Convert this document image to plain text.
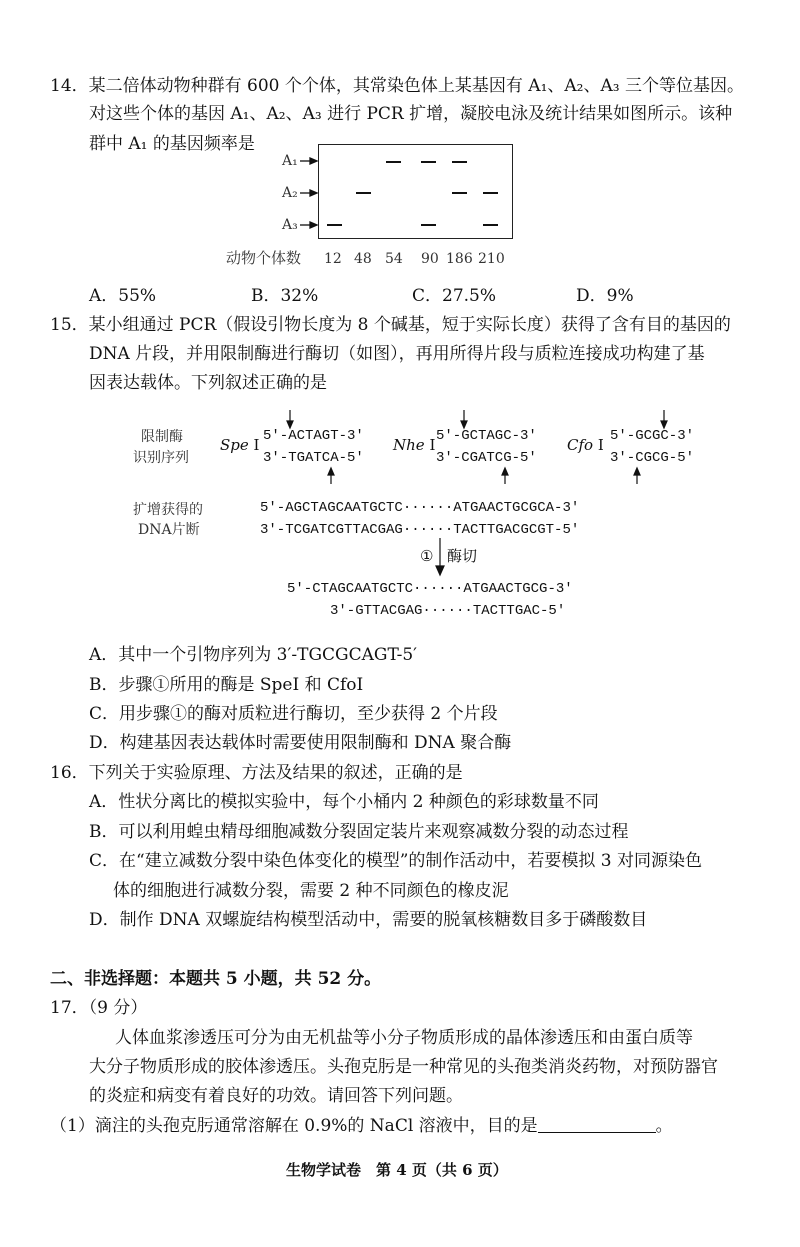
14．某二倍体动物种群有 600 个个体，其常染色体上某基因有 A₁、A₂、A₃ 三个等位基因。
对这些个体的基因 A₁、A₂、A₃ 进行 PCR 扩增，凝胶电泳及统计结果如图所示。该种
群中 A₁ 的基因频率是
A₁
A₂
A₃
动物个体数 12 48 54 90 186 210
A．55%	B．32%	C．27.5%	D．9%
15．某小组通过 PCR（假设引物长度为 8 个碱基，短于实际长度）获得了含有目的基因的
DNA 片段，并用限制酶进行酶切（如图），再用所得片段与质粒连接成功构建了基
因表达载体。下列叙述正确的是
限制酶
识别序列
Spe I 5′-ACTAGT-3′
3′-TGATCA-5′
Nhe I 5′-GCTAGC-3′
3′-CGATCG-5′
Cfo I 5′-GCGC-3′
3′-CGCG-5′
扩增获得的
DNA片断
5′-AGCTAGCAATGCTC······ATGAACTGCGCA-3′
3′-TCGATCGTTACGAG······TACTTGACGCGT-5′
① 酶切
5′-CTAGCAATGCTC······ATGAACTGCG-3′
3′-GTTACGAG······TACTTGAC-5′
A．其中一个引物序列为 3′-TGCGCAGT-5′
B．步骤①所用的酶是 SpeI 和 CfoI
C．用步骤①的酶对质粒进行酶切，至少获得 2 个片段
D．构建基因表达载体时需要使用限制酶和 DNA 聚合酶
16．下列关于实验原理、方法及结果的叙述，正确的是
A．性状分离比的模拟实验中，每个小桶内 2 种颜色的彩球数量不同
B．可以利用蝗虫精母细胞减数分裂固定装片来观察减数分裂的动态过程
C．在“建立减数分裂中染色体变化的模型”的制作活动中，若要模拟 3 对同源染色
体的细胞进行减数分裂，需要 2 种不同颜色的橡皮泥
D．制作 DNA 双螺旋结构模型活动中，需要的脱氧核糖数目多于磷酸数目
二、非选择题：本题共 5 小题，共 52 分。
17．（9 分）
人体血浆渗透压可分为由无机盐等小分子物质形成的晶体渗透压和由蛋白质等
大分子物质形成的胶体渗透压。头孢克肟是一种常见的头孢类消炎药物，对预防器官
的炎症和病变有着良好的功效。请回答下列问题。
（1）滴注的头孢克肟通常溶解在 0.9%的 NaCl 溶液中，目的是	。
生物学试卷　第 4 页（共 6 页）
